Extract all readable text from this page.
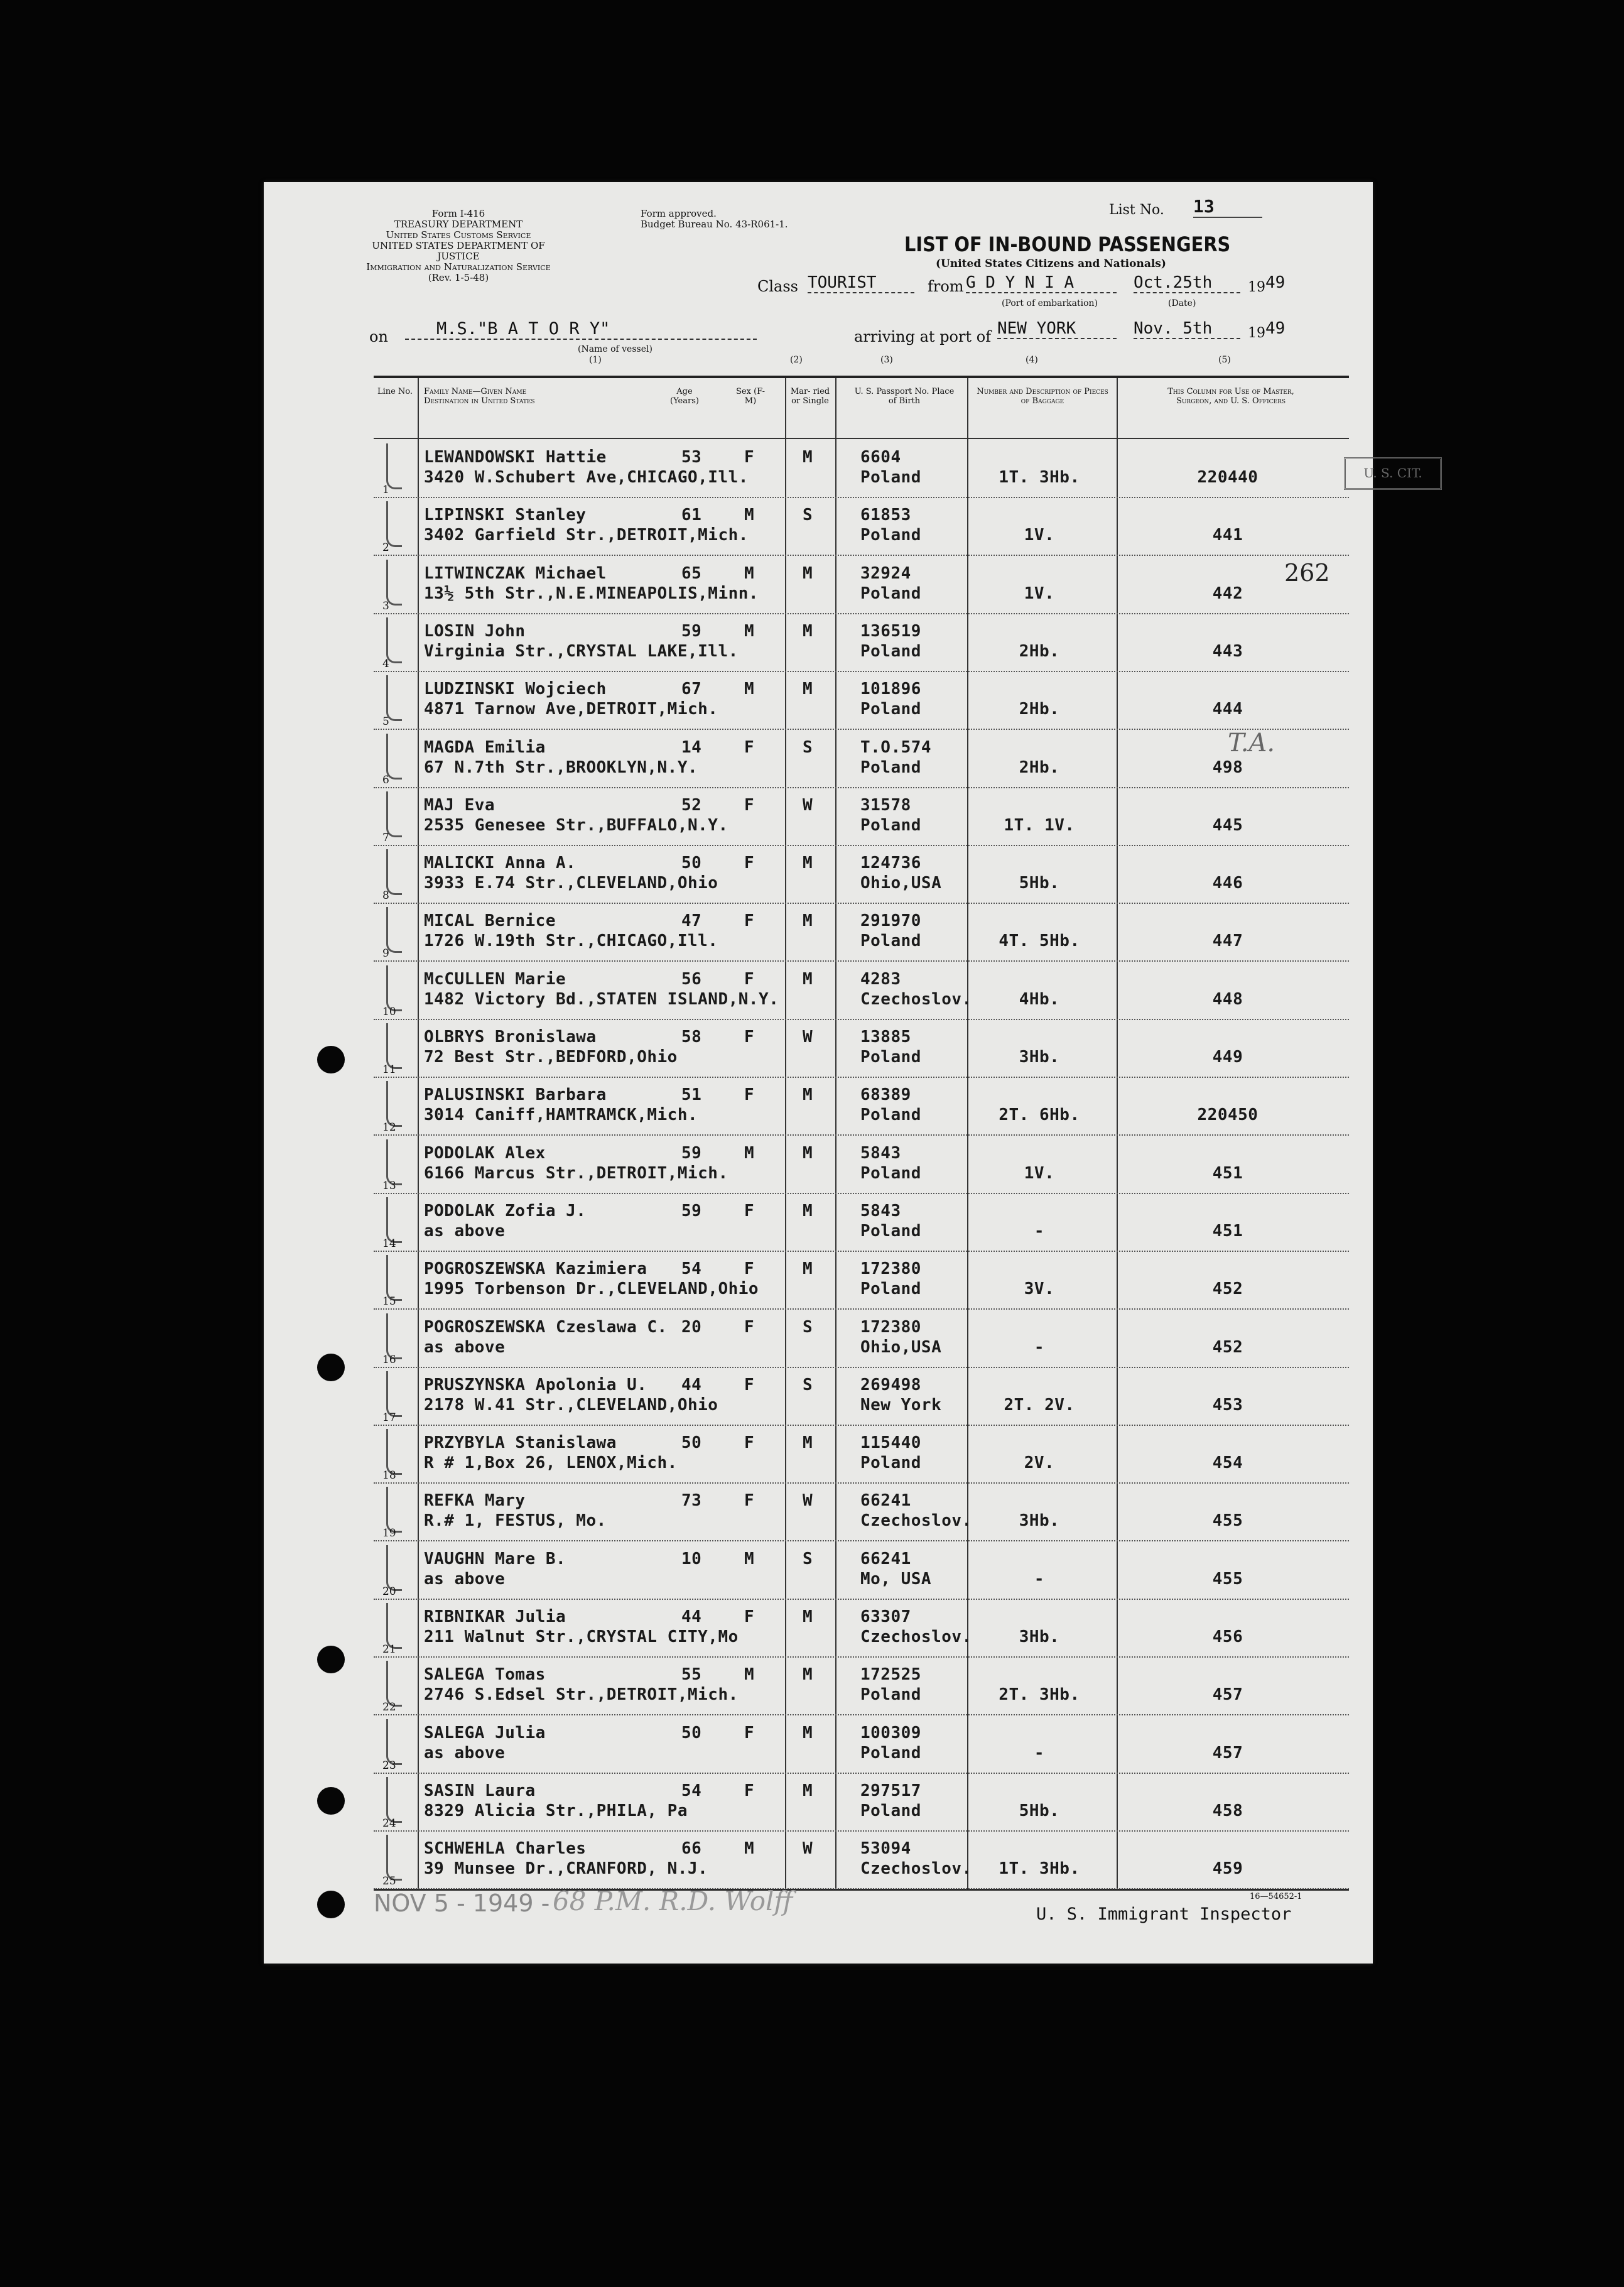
Form I-416
TREASURY DEPARTMENT
United States Customs Service
UNITED STATES DEPARTMENT OF JUSTICE
Immigration and Naturalization Service
(Rev. 1-5-48)
Form approved.
Budget Bureau No. 43-R061-1.
List No. 13
LIST OF IN-BOUND PASSENGERS
(United States Citizens and Nationals)
Class TOURIST	from G D Y N I A	Oct.25th	19 49
(Port of embarkation)	(Date)
on	M.S."B A T O R Y"
(Name of vessel)
(1)	(2)	(3)	(4)	(5)
arriving at port of NEW YORK	Nov. 5th	19 49
Line No. Family Name—Given Name Destination in United States
Age (Years)
Sex (F-M)
Mar- ried or Single
U. S. Passport No. Place of Birth
Number and Description of Pieces of Baggage
This Column for Use of Master, Surgeon, and U. S. Officers
1
LEWANDOWSKI Hattie	53	F	M
3420 W.Schubert Ave,CHICAGO,Ill.
6604
Poland	1T. 3Hb.	220440
2
LIPINSKI Stanley	61	M	S
3402 Garfield Str.,DETROIT,Mich.
61853
Poland	1V.	441
3
LITWINCZAK Michael	65	M	M
13½ 5th Str.,N.E.MINEAPOLIS,Minn.
32924
Poland	1V.	442
4
LOSIN John	59	M	M
Virginia Str.,CRYSTAL LAKE,Ill.
136519
Poland	2Hb.	443
5
LUDZINSKI Wojciech	67	M	M
4871 Tarnow Ave,DETROIT,Mich.
101896
Poland	2Hb.	444
6
MAGDA Emilia	14	F	S
67 N.7th Str.,BROOKLYN,N.Y.
T.O.574
Poland	2Hb.	498
7
MAJ Eva	52	F	W
2535 Genesee Str.,BUFFALO,N.Y.
31578
Poland	1T. 1V.	445
8
MALICKI Anna A.	50	F	M
3933 E.74 Str.,CLEVELAND,Ohio
124736
Ohio,USA	5Hb.	446
9
MICAL Bernice	47	F	M
1726 W.19th Str.,CHICAGO,Ill.
291970
Poland	4T. 5Hb.	447
10
McCULLEN Marie	56	F	M
1482 Victory Bd.,STATEN ISLAND,N.Y.
4283
Czechoslov.	4Hb.	448
11
OLBRYS Bronislawa	58	F	W
72 Best Str.,BEDFORD,Ohio
13885
Poland	3Hb.	449
12
PALUSINSKI Barbara	51	F	M
3014 Caniff,HAMTRAMCK,Mich.
68389
Poland	2T. 6Hb.	220450
13
PODOLAK Alex	59	M	M
6166 Marcus Str.,DETROIT,Mich.
5843
Poland	1V.	451
14
PODOLAK Zofia J.	59	F	M
as above
5843
Poland	-	451
15
POGROSZEWSKA Kazimiera 54	F	M
1995 Torbenson Dr.,CLEVELAND,Ohio
172380
Poland	3V.	452
16
POGROSZEWSKA Czeslawa C. 20	F	S
as above
172380
Ohio,USA	-	452
17
PRUSZYNSKA Apolonia U. 44	F	S
2178 W.41 Str.,CLEVELAND,Ohio
269498
New York	2T. 2V.	453
18
PRZYBYLA Stanislawa	50	F	M
R # 1,Box 26, LENOX,Mich.
115440
Poland	2V.	454
19
REFKA Mary	73	F	W
R.# 1, FESTUS, Mo.
66241
Czechoslov.	3Hb.	455
20
VAUGHN Mare B.	10	M	S
as above
66241
Mo, USA	-	455
21
RIBNIKAR Julia	44	F	M
211 Walnut Str.,CRYSTAL CITY,Mo
63307
Czechoslov.	3Hb.	456
22
SALEGA Tomas	55	M	M
2746 S.Edsel Str.,DETROIT,Mich.
172525
Poland	2T. 3Hb.	457
23
SALEGA Julia	50	F	M
as above
100309
Poland	-	457
24
SASIN Laura	54	F	M
8329 Alicia Str.,PHILA, Pa
297517
Poland	5Hb.	458
25
SCHWEHLA Charles	66	M	W
39 Munsee Dr.,CRANFORD, N.J.
53094
Czechoslov. 1T. 3Hb.	459
U. S. CIT.
262
T.A.
NOV 5 - 1949 - 68 P.M. R.D. Wolff	16—54652-1
U. S. Immigrant Inspector
